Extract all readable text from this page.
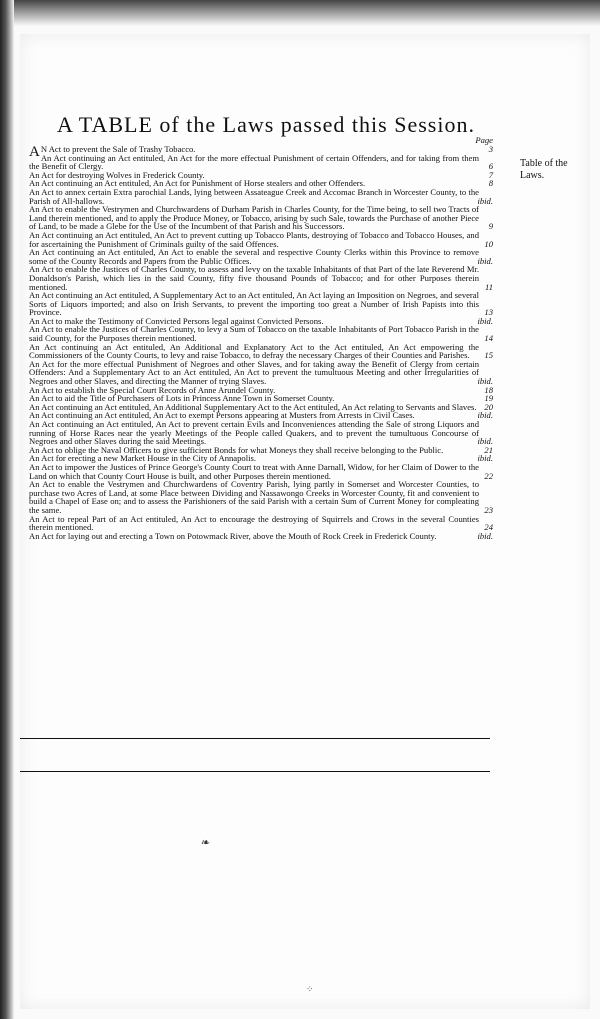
A TABLE of the Laws passed this Session.
Table of the Laws.
AN Act to prevent the Sale of Trashy Tobacco.	3
An Act continuing an Act entituled, An Act for the more effectual Punishment of certain Offenders, and for taking from them the Benefit of Clergy.	6
An Act for destroying Wolves in Frederick County.	7
An Act continuing an Act entituled, An Act for Punishment of Horse stealers and other Offenders.	8
An Act to annex certain Extra parochial Lands, lying between Assateague Creek and Accomac Branch in Worcester County, to the Parish of All-hallows.	ibid.
An Act to enable the Vestrymen and Churchwardens of Durham Parish in Charles County, for the Time being, to sell two Tracts of Land therein mentioned, and to apply the Produce Money, or Tobacco, arising by such Sale, towards the Purchase of another Piece of Land, to be made a Glebe for the Use of the Incumbent of that Parish and his Successors.	9
An Act continuing an Act entituled, An Act to prevent cutting up Tobacco Plants, destroying of Tobacco and Tobacco Houses, and for ascertaining the Punishment of Criminals guilty of the said Offences.	10
An Act continuing an Act entituled, An Act to enable the several and respective County Clerks within this Province to remove some of the County Records and Papers from the Public Offices.	ibid.
An Act to enable the Justices of Charles County, to assess and levy on the taxable Inhabitants of that Part of the late Reverend Mr. Donaldson's Parish, which lies in the said County, fifty five thousand Pounds of Tobacco; and for other Purposes therein mentioned.	11
An Act continuing an Act entituled, A Supplementary Act to an Act entituled, An Act laying an Imposition on Negroes, and several Sorts of Liquors imported; and also on Irish Servants, to prevent the importing too great a Number of Irish Papists into this Province.	13
An Act to make the Testimony of Convicted Persons legal against Convicted Persons.	ibid.
An Act to enable the Justices of Charles County, to levy a Sum of Tobacco on the taxable Inhabitants of Port Tobacco Parish in the said County, for the Purposes therein mentioned.	14
An Act continuing an Act entituled, An Additional and Explanatory Act to the Act entituled, An Act empowering the Commissioners of the County Courts, to levy and raise Tobacco, to defray the necessary Charges of their Counties and Parishes.	15
An Act for the more effectual Punishment of Negroes and other Slaves, and for taking away the Benefit of Clergy from certain Offenders: And a Supplementary Act to an Act entituled, An Act to prevent the tumultuous Meeting and other Irregularities of Negroes and other Slaves, and directing the Manner of trying Slaves.	ibid.
An Act to establish the Special Court Records of Anne Arundel County.	18
An Act to aid the Title of Purchasers of Lots in Princess Anne Town in Somerset County.	19
An Act continuing an Act entituled, An Additional Supplementary Act to the Act entituled, An Act relating to Servants and Slaves. 20
An Act continuing an Act entituled, An Act to exempt Persons appearing at Musters from Arrests in Civil Cases.	ibid.
An Act continuing an Act entituled, An Act to prevent certain Evils and Inconveniences attending the Sale of strong Liquors and running of Horse Races near the yearly Meetings of the People called Quakers, and to prevent the tumultuous Concourse of Negroes and other Slaves during the said Meetings.	ibid.
An Act to oblige the Naval Officers to give sufficient Bonds for what Moneys they shall receive belonging to the Public.	21
An Act for erecting a new Market House in the City of Annapolis.	ibid.
An Act to impower the Justices of Prince George's County Court to treat with Anne Darnall, Widow, for her Claim of Dower to the Land on which that County Court House is built, and other Purposes therein mentioned.	22
An Act to enable the Vestrymen and Churchwardens of Coventry Parish, lying partly in Somerset and Worcester Counties, to purchase two Acres of Land, at some Place between Dividing and Nassawongo Creeks in Worcester County, fit and convenient to build a Chapel of Ease on; and to assess the Parishioners of the said Parish with a certain Sum of Current Money for compleating the same.	23
An Act to repeal Part of an Act entituled, An Act to encourage the destroying of Squirrels and Crows in the several Counties therein mentioned.	24
An Act for laying out and erecting a Town on Potowmack River, above the Mouth of Rock Creek in Frederick County.	ibid.
❧
⁘
